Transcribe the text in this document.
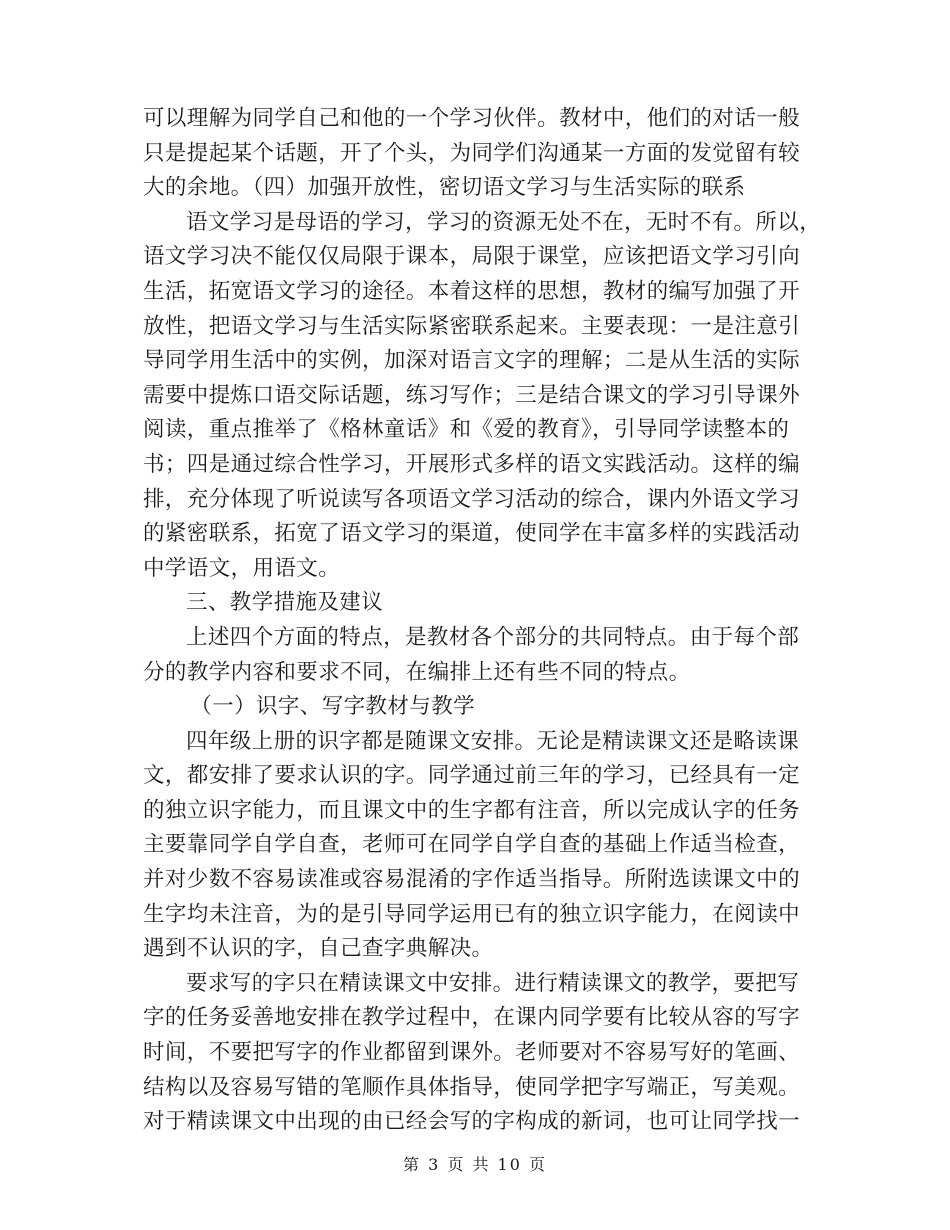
可以理解为同学自己和他的一个学习伙伴。教材中，他们的对话一般
只是提起某个话题，开了个头，为同学们沟通某一方面的发觉留有较
大的余地。（四）加强开放性，密切语文学习与生活实际的联系
语文学习是母语的学习，学习的资源无处不在，无时不有。所以，
语文学习决不能仅仅局限于课本，局限于课堂，应该把语文学习引向
生活，拓宽语文学习的途径。本着这样的思想，教材的编写加强了开
放性，把语文学习与生活实际紧密联系起来。主要表现：一是注意引
导同学用生活中的实例，加深对语言文字的理解；二是从生活的实际
需要中提炼口语交际话题，练习写作；三是结合课文的学习引导课外
阅读，重点推举了《格林童话》和《爱的教育》，引导同学读整本的
书；四是通过综合性学习，开展形式多样的语文实践活动。这样的编
排，充分体现了听说读写各项语文学习活动的综合，课内外语文学习
的紧密联系，拓宽了语文学习的渠道，使同学在丰富多样的实践活动
中学语文，用语文。
三、教学措施及建议
上述四个方面的特点，是教材各个部分的共同特点。由于每个部
分的教学内容和要求不同，在编排上还有些不同的特点。
（一）识字、写字教材与教学
四年级上册的识字都是随课文安排。无论是精读课文还是略读课
文，都安排了要求认识的字。同学通过前三年的学习，已经具有一定
的独立识字能力，而且课文中的生字都有注音，所以完成认字的任务
主要靠同学自学自查，老师可在同学自学自查的基础上作适当检查，
并对少数不容易读准或容易混淆的字作适当指导。所附选读课文中的
生字均未注音，为的是引导同学运用已有的独立识字能力，在阅读中
遇到不认识的字，自己查字典解决。
要求写的字只在精读课文中安排。进行精读课文的教学，要把写
字的任务妥善地安排在教学过程中，在课内同学要有比较从容的写字
时间，不要把写字的作业都留到课外。老师要对不容易写好的笔画、
结构以及容易写错的笔顺作具体指导，使同学把字写端正，写美观。
对于精读课文中出现的由已经会写的字构成的新词，也可让同学找一
第 3 页 共 10 页
